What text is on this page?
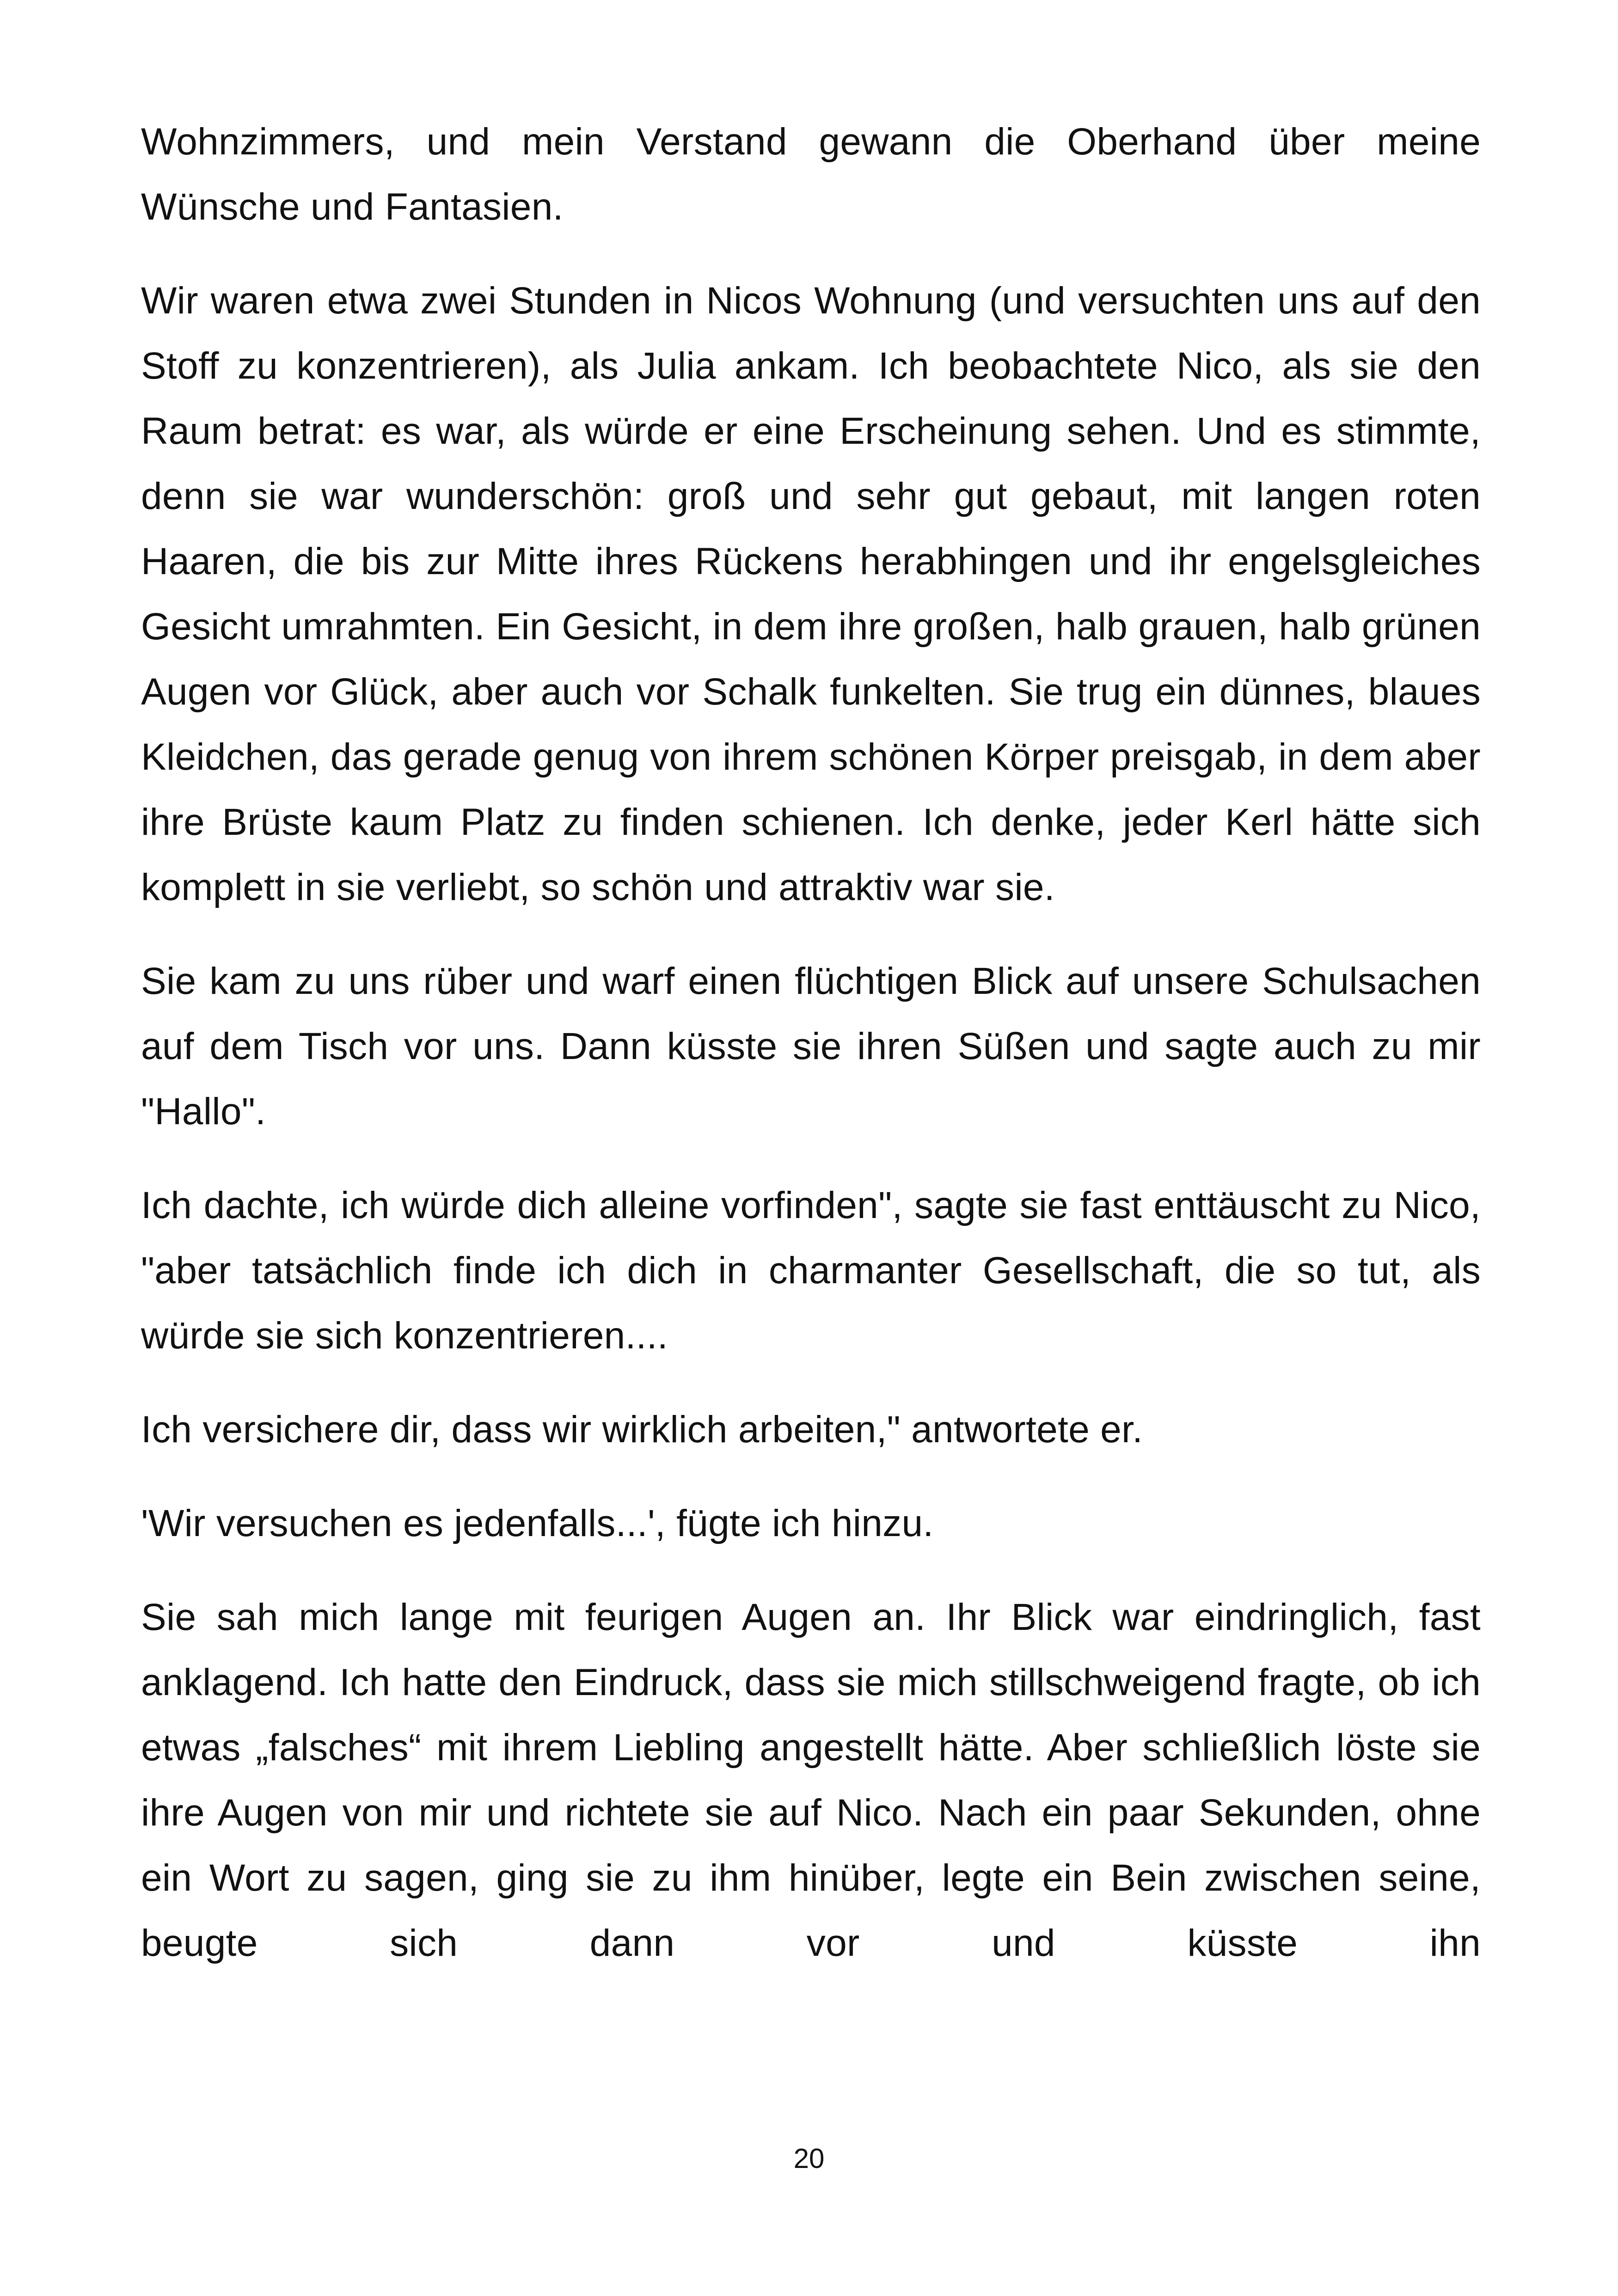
Wohnzimmers, und mein Verstand gewann die Oberhand über meine Wünsche und Fantasien.

Wir waren etwa zwei Stunden in Nicos Wohnung (und versuchten uns auf den Stoff zu konzentrieren), als Julia ankam. Ich beobachtete Nico, als sie den Raum betrat: es war, als würde er eine Erscheinung sehen. Und es stimmte, denn sie war wunderschön: groß und sehr gut gebaut, mit langen roten Haaren, die bis zur Mitte ihres Rückens herabhingen und ihr engelsgleiches Gesicht umrahmten. Ein Gesicht, in dem ihre großen, halb grauen, halb grünen Augen vor Glück, aber auch vor Schalk funkelten. Sie trug ein dünnes, blaues Kleidchen, das gerade genug von ihrem schönen Körper preisgab, in dem aber ihre Brüste kaum Platz zu finden schienen. Ich denke, jeder Kerl hätte sich komplett in sie verliebt, so schön und attraktiv war sie.

Sie kam zu uns rüber und warf einen flüchtigen Blick auf unsere Schulsachen auf dem Tisch vor uns. Dann küsste sie ihren Süßen und sagte auch zu mir "Hallo".

Ich dachte, ich würde dich alleine vorfinden", sagte sie fast enttäuscht zu Nico, "aber tatsächlich finde ich dich in charmanter Gesellschaft, die so tut, als würde sie sich konzentrieren....

Ich versichere dir, dass wir wirklich arbeiten," antwortete er.

'Wir versuchen es jedenfalls...', fügte ich hinzu.

Sie sah mich lange mit feurigen Augen an. Ihr Blick war eindringlich, fast anklagend. Ich hatte den Eindruck, dass sie mich stillschweigend fragte, ob ich etwas „falsches“ mit ihrem Liebling angestellt hätte. Aber schließlich löste sie ihre Augen von mir und richtete sie auf Nico. Nach ein paar Sekunden, ohne ein Wort zu sagen, ging sie zu ihm hinüber, legte ein Bein zwischen seine, beugte sich dann vor und küsste ihn

20
